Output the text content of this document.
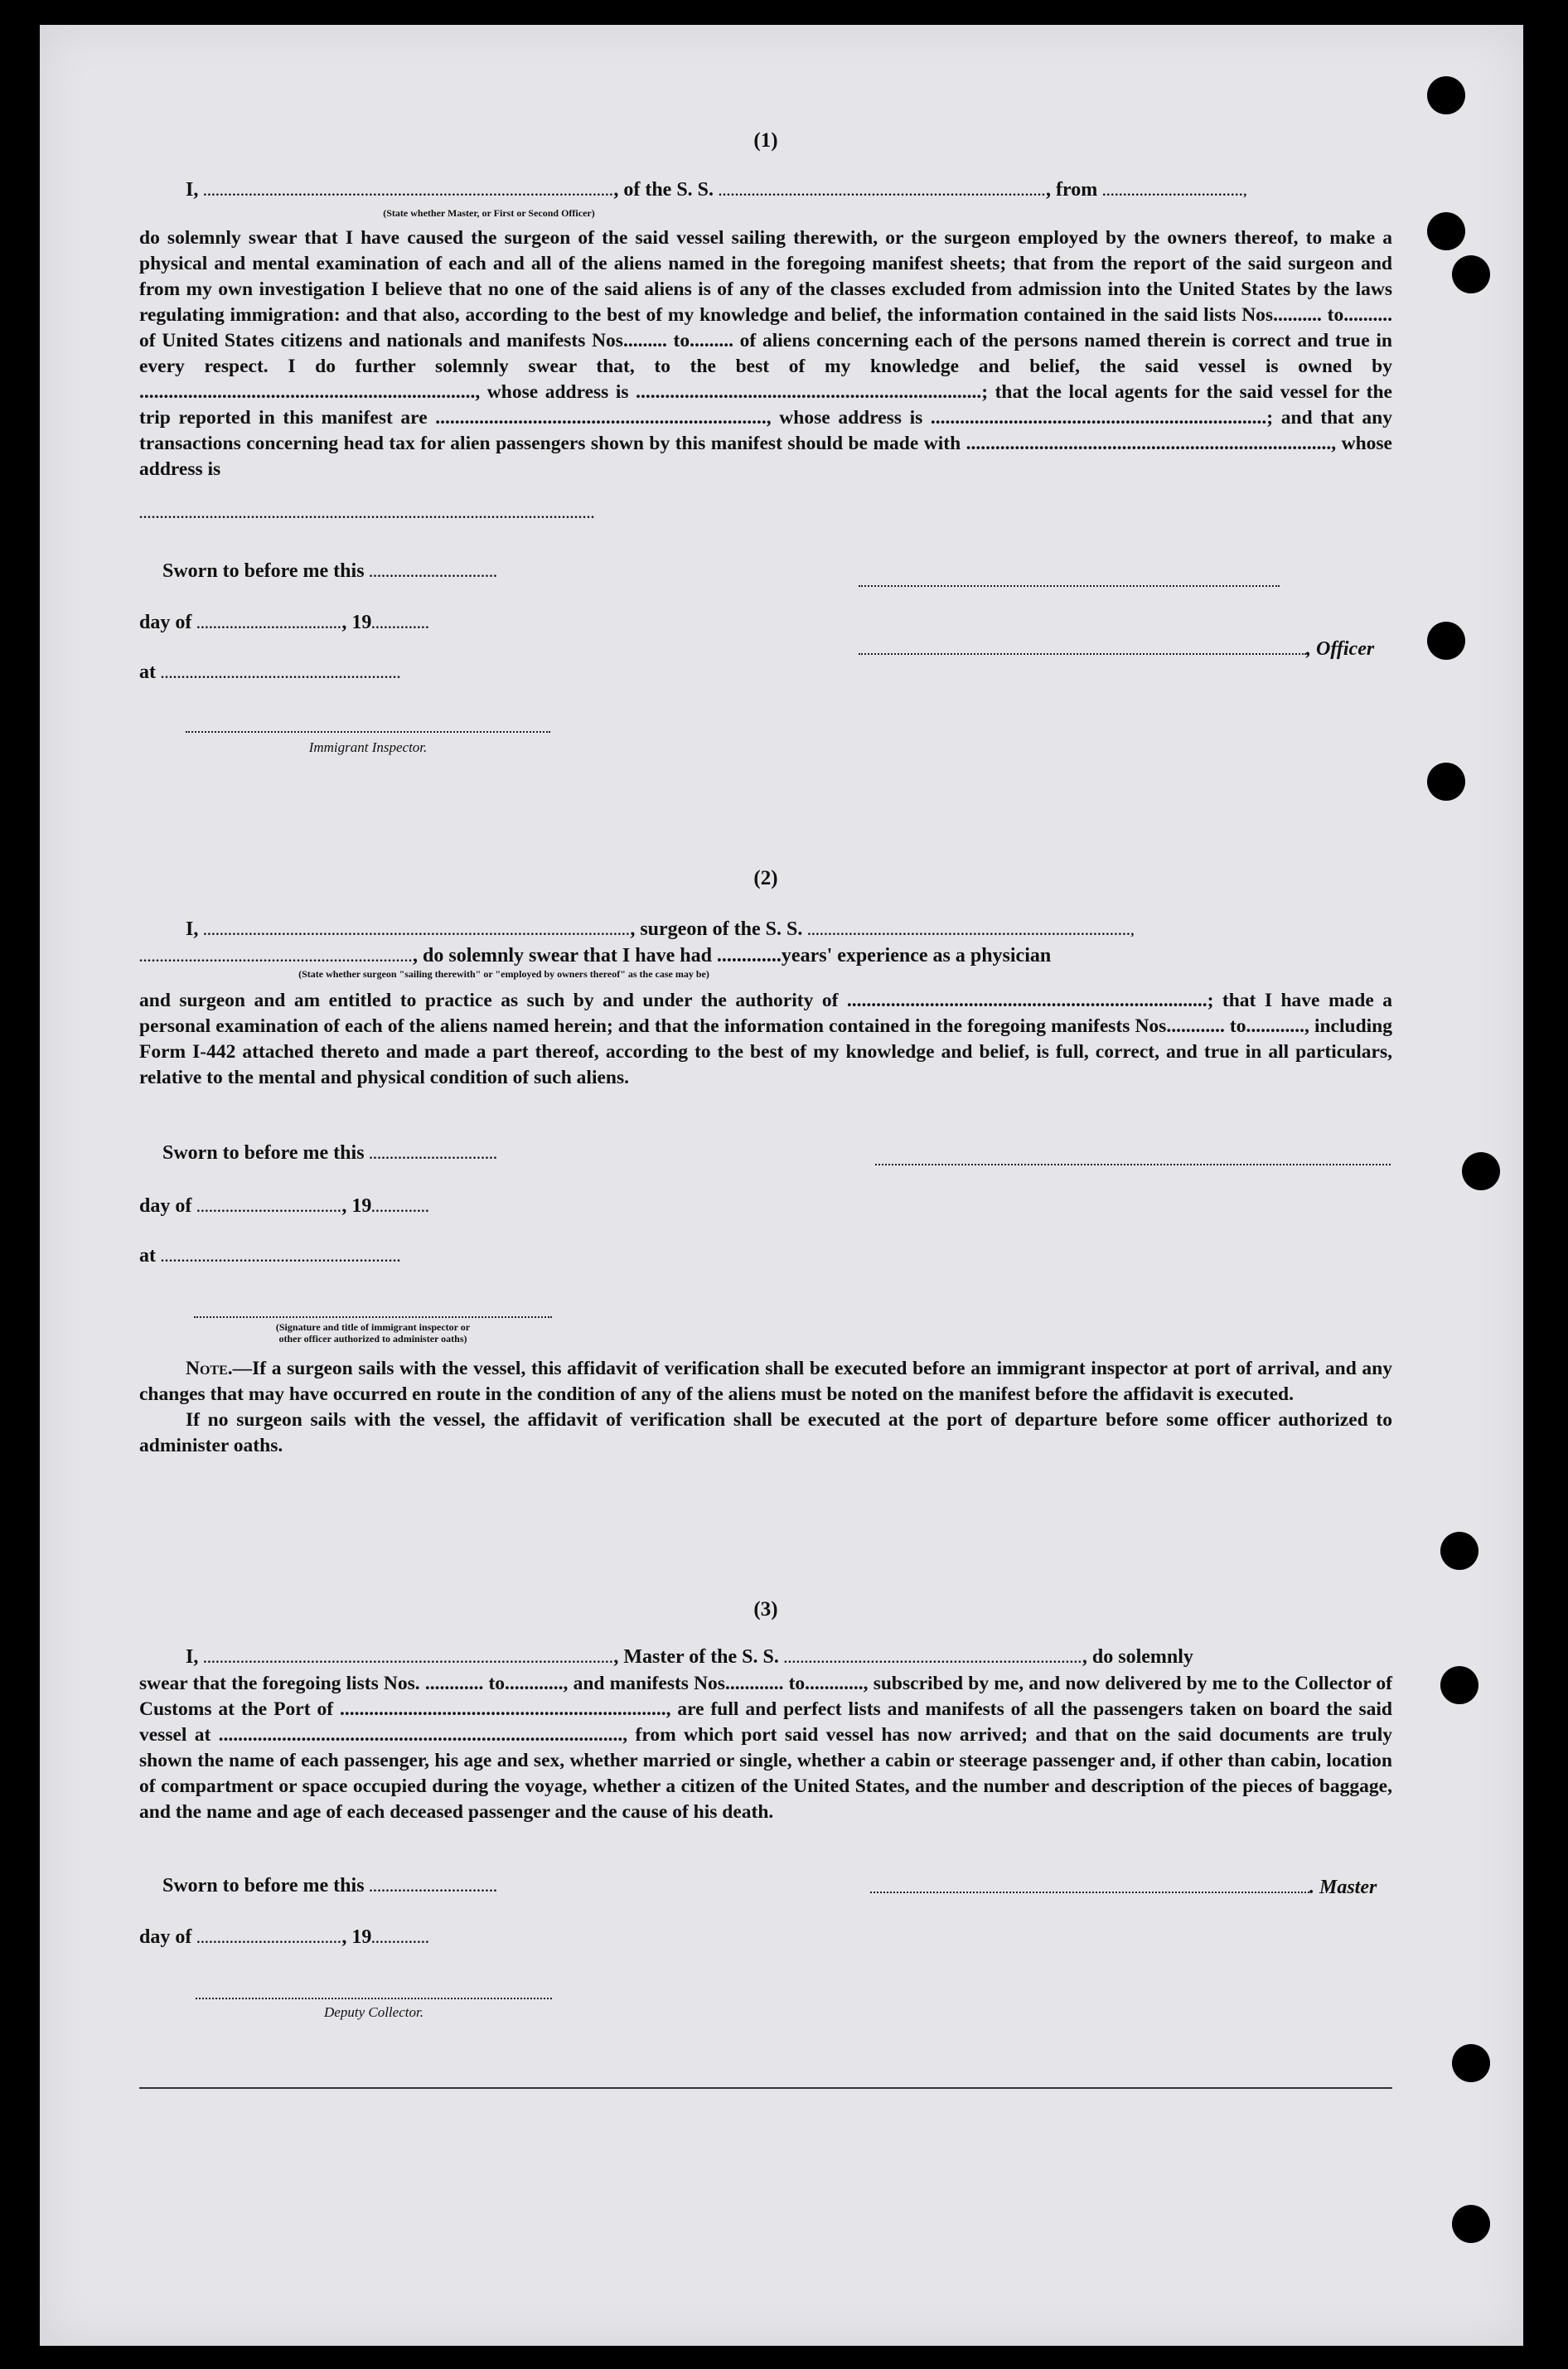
(1)
I, ..................................................................................................., of the S. S. ..............................................................................., from ..................................,
(State whether Master, or First or Second Officer)

do solemnly swear that I have caused the surgeon of the said vessel sailing therewith, or the surgeon employed by the owners thereof, to make a physical and mental examination of each and all of the aliens named in the foregoing manifest sheets; that from the report of the said surgeon and from my own investigation I believe that no one of the said aliens is of any of the classes excluded from admission into the United States by the laws regulating immigration: and that also, according to the best of my knowledge and belief, the information contained in the said lists Nos.......... to.......... of United States citizens and nationals and manifests Nos......... to......... of aliens concerning each of the persons named therein is correct and true in every respect. I do further solemnly swear that, to the best of my knowledge and belief, the said vessel is owned by ....................................................................., whose address is .......................................................................; that the local agents for the said vessel for the trip reported in this manifest are ...................................................................., whose address is .....................................................................; and that any transactions concerning head tax for alien passengers shown by this manifest should be made with ..........................................................................., whose address is

..............................................................................................................
Sworn to before me this ...............................
day of ..................................., 19..............
, Officer
at ..........................................................
Immigrant Inspector.
(2)
I, ......................................................................................................., surgeon of the S. S. ..............................................................................,
.................................................................., do solemnly swear that I have had .............years' experience as a physician
(State whether surgeon "sailing therewith" or "employed by owners thereof" as the case may be)

and surgeon and am entitled to practice as such by and under the authority of ..........................................................................; that I have made a personal examination of each of the aliens named herein; and that the information contained in the foregoing manifests Nos............ to............, including Form I-442 attached thereto and made a part thereof, according to the best of my knowledge and belief, is full, correct, and true in all particulars, relative to the mental and physical condition of such aliens.

Sworn to before me this ...............................
day of ..................................., 19..............
at ..........................................................
(Signature and title of immigrant inspector or
other officer authorized to administer oaths)

Note.—If a surgeon sails with the vessel, this affidavit of verification shall be executed before an immigrant inspector at port of arrival, and any changes that may have occurred en route in the condition of any of the aliens must be noted on the manifest before the affidavit is executed.

If no surgeon sails with the vessel, the affidavit of verification shall be executed at the port of departure before some officer authorized to administer oaths.

(3)
I, ..................................................................................................., Master of the S. S. ........................................................................, do solemnly

swear that the foregoing lists Nos. ............ to............, and manifests Nos............ to............, subscribed by me, and now delivered by me to the Collector of Customs at the Port of ..................................................................., are full and perfect lists and manifests of all the passengers taken on board the said vessel at ..................................................................................., from which port said vessel has now arrived; and that on the said documents are truly shown the name of each passenger, his age and sex, whether married or single, whether a cabin or steerage passenger and, if other than cabin, location of compartment or space occupied during the voyage, whether a citizen of the United States, and the number and description of the pieces of baggage, and the name and age of each deceased passenger and the cause of his death.

Sworn to before me this ...............................	. Master
day of ..................................., 19..............
Deputy Collector.
